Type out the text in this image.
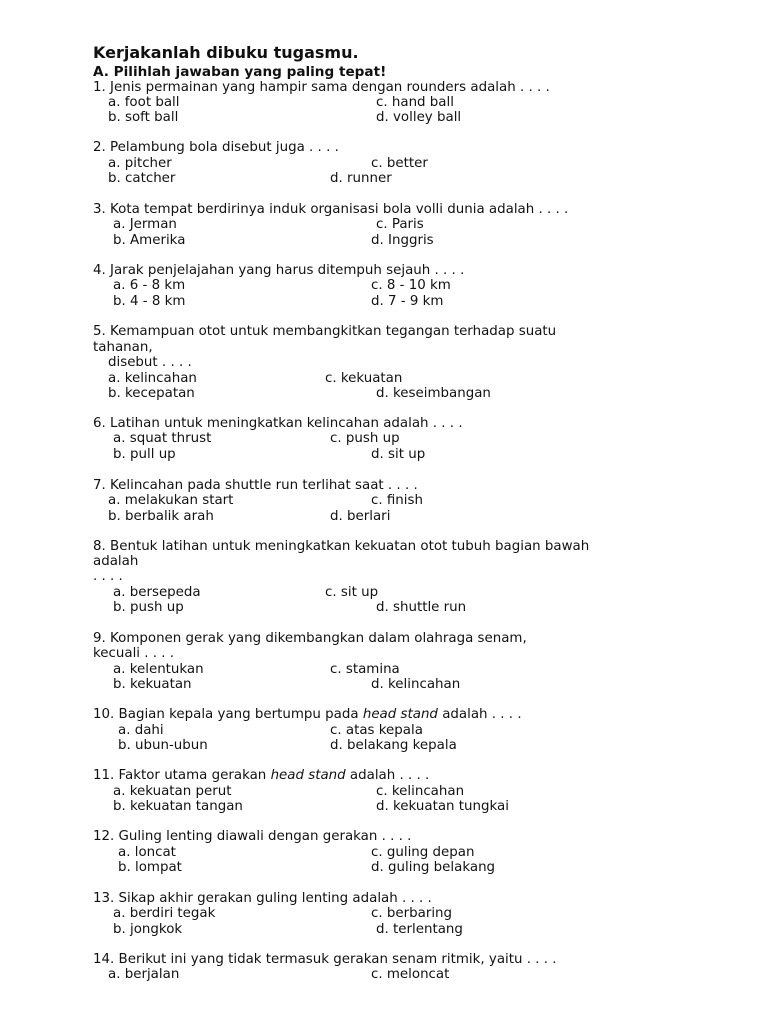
Kerjakanlah dibuku tugasmu.
A. Pilihlah jawaban yang paling tepat!
1. Jenis permainan yang hampir sama dengan rounders adalah . . . .
a. foot ball	c. hand ball
b. soft ball	d. volley ball
2. Pelambung bola disebut juga . . . .
a. pitcher	c. better
b. catcher	d. runner
3. Kota tempat berdirinya induk organisasi bola volli dunia adalah . . . .
a. Jerman	c. Paris
b. Amerika	d. Inggris
4. Jarak penjelajahan yang harus ditempuh sejauh . . . .
a. 6 - 8 km	c. 8 - 10 km
b. 4 - 8 km	d. 7 - 9 km
5. Kemampuan otot untuk membangkitkan tegangan terhadap suatu
tahanan,
disebut . . . .
a. kelincahan	c. kekuatan
b. kecepatan	d. keseimbangan
6. Latihan untuk meningkatkan kelincahan adalah . . . .
a. squat thrust	c. push up
b. pull up	d. sit up
7. Kelincahan pada shuttle run terlihat saat . . . .
a. melakukan start	c. finish
b. berbalik arah	d. berlari
8. Bentuk latihan untuk meningkatkan kekuatan otot tubuh bagian bawah
adalah
. . . .
a. bersepeda	c. sit up
b. push up	d. shuttle run
9. Komponen gerak yang dikembangkan dalam olahraga senam,
kecuali . . . .
a. kelentukan	c. stamina
b. kekuatan	d. kelincahan
10. Bagian kepala yang bertumpu pada head stand adalah . . . .
a. dahi	c. atas kepala
b. ubun-ubun	d. belakang kepala
11. Faktor utama gerakan head stand adalah . . . .
a. kekuatan perut	c. kelincahan
b. kekuatan tangan	d. kekuatan tungkai
12. Guling lenting diawali dengan gerakan . . . .
a. loncat	c. guling depan
b. lompat	d. guling belakang
13. Sikap akhir gerakan guling lenting adalah . . . .
a. berdiri tegak	c. berbaring
b. jongkok	d. terlentang
14. Berikut ini yang tidak termasuk gerakan senam ritmik, yaitu . . . .
a. berjalan	c. meloncat
